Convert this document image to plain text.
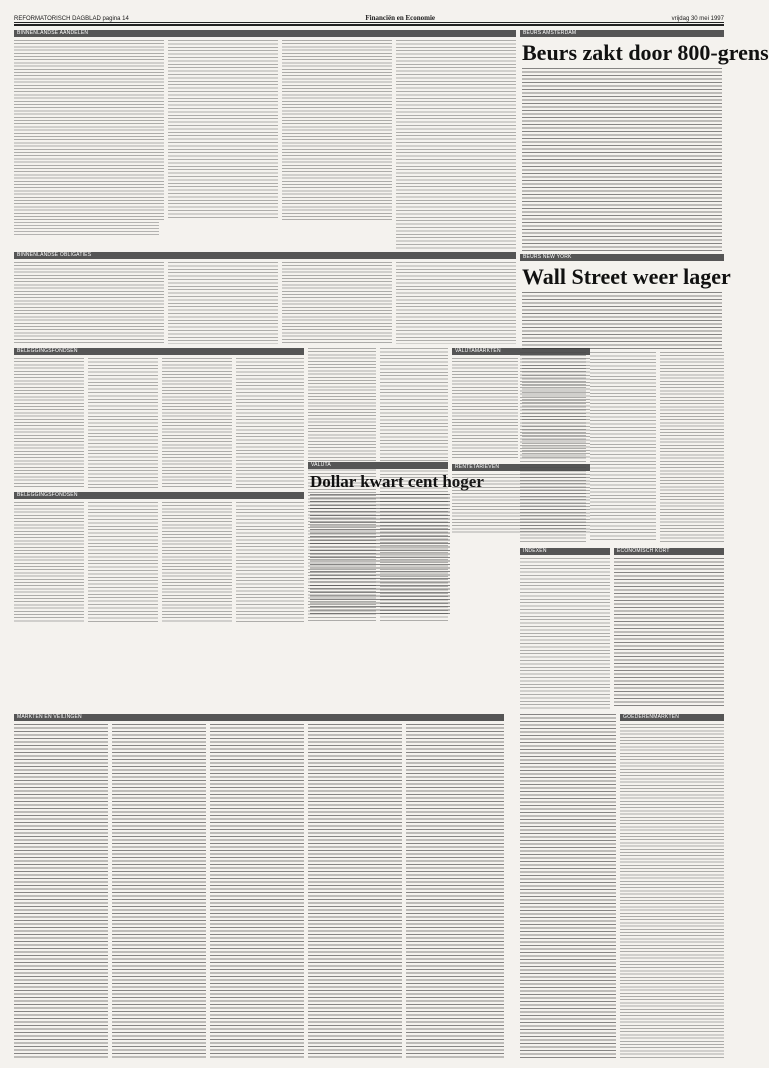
REFORMATORISCH DAGBLAD pagina 14	Financiën en Economie	vrijdag 30 mei 1997
BINNENLANDSE AANDELEN
BINNENLANDSE OBLIGATIES
BELEGGINGSFONDSEN
BELEGGINGSFONDSEN
VALUTAMARKTEN
VALUTA
Dollar kwart cent hoger
RENTETARIEVEN
INDEXEN	ECONOMISCH KORT
BEURS AMSTERDAM
Beurs zakt door 800-grens
BEURS NEW YORK
Wall Street weer lager
MARKTEN EN VEILINGEN	GOEDERENMARKTEN
